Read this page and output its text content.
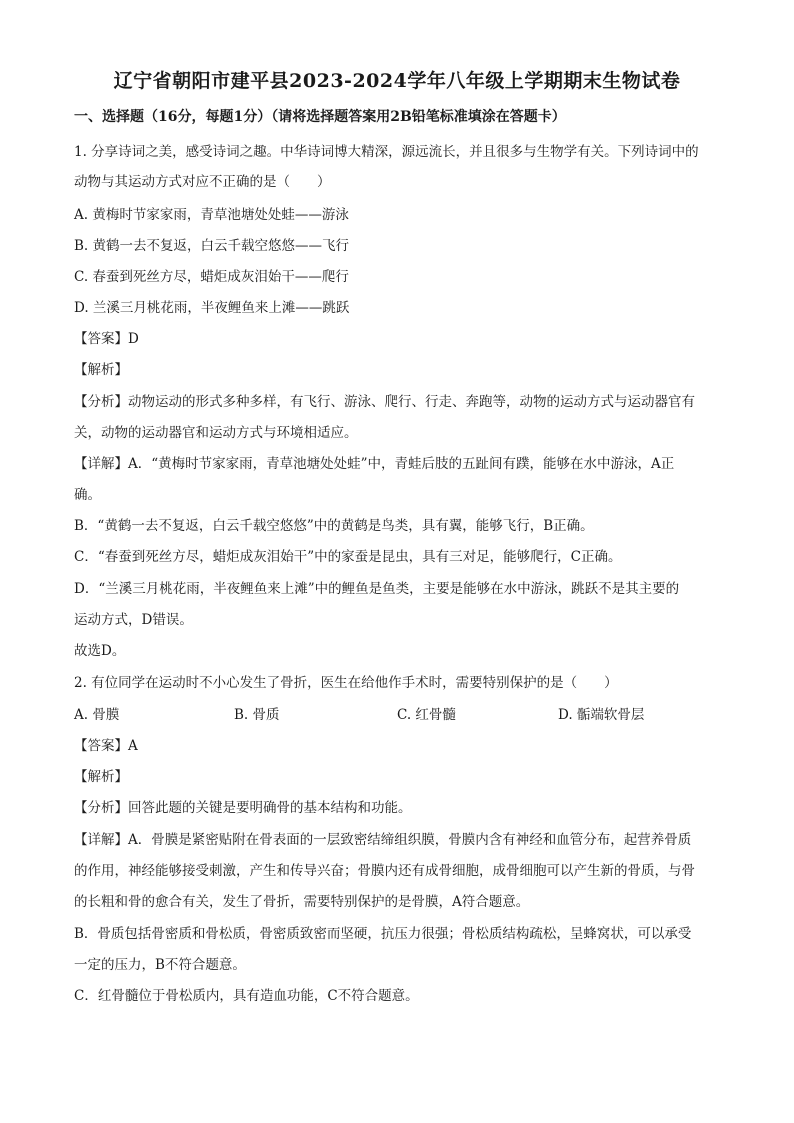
辽宁省朝阳市建平县2023-2024学年八年级上学期期末生物试卷
一、选择题（16分，每题1分）（请将选择题答案用2B铅笔标准填涂在答题卡）
1. 分享诗词之美，感受诗词之趣。中华诗词博大精深，源远流长，并且很多与生物学有关。下列诗词中的
动物与其运动方式对应不正确的是（　　）
A. 黄梅时节家家雨，青草池塘处处蛙——游泳
B. 黄鹤一去不复返，白云千载空悠悠——飞行
C. 春蚕到死丝方尽，蜡炬成灰泪始干——爬行
D. 兰溪三月桃花雨，半夜鲤鱼来上滩——跳跃
【答案】D
【解析】
【分析】动物运动的形式多种多样，有飞行、游泳、爬行、行走、奔跑等，动物的运动方式与运动器官有
关，动物的运动器官和运动方式与环境相适应。
【详解】A．“黄梅时节家家雨，青草池塘处处蛙”中，青蛙后肢的五趾间有蹼，能够在水中游泳，A正
确。
B．“黄鹤一去不复返，白云千载空悠悠”中的黄鹤是鸟类，具有翼，能够飞行，B正确。
C．“春蚕到死丝方尽，蜡炬成灰泪始干”中的家蚕是昆虫，具有三对足，能够爬行，C正确。
D．“兰溪三月桃花雨，半夜鲤鱼来上滩”中的鲤鱼是鱼类，主要是能够在水中游泳，跳跃不是其主要的
运动方式，D错误。
故选D。
2. 有位同学在运动时不小心发生了骨折，医生在给他作手术时，需要特别保护的是（　　）
A. 骨膜	B. 骨质	C. 红骨髓	D. 骺端软骨层
【答案】A
【解析】
【分析】回答此题的关键是要明确骨的基本结构和功能。
【详解】A．骨膜是紧密贴附在骨表面的一层致密结缔组织膜，骨膜内含有神经和血管分布，起营养骨质
的作用，神经能够接受刺激，产生和传导兴奋；骨膜内还有成骨细胞，成骨细胞可以产生新的骨质，与骨
的长粗和骨的愈合有关，发生了骨折，需要特别保护的是骨膜，A符合题意。
B．骨质包括骨密质和骨松质，骨密质致密而坚硬，抗压力很强；骨松质结构疏松，呈蜂窝状，可以承受
一定的压力，B不符合题意。
C．红骨髓位于骨松质内，具有造血功能，C不符合题意。
